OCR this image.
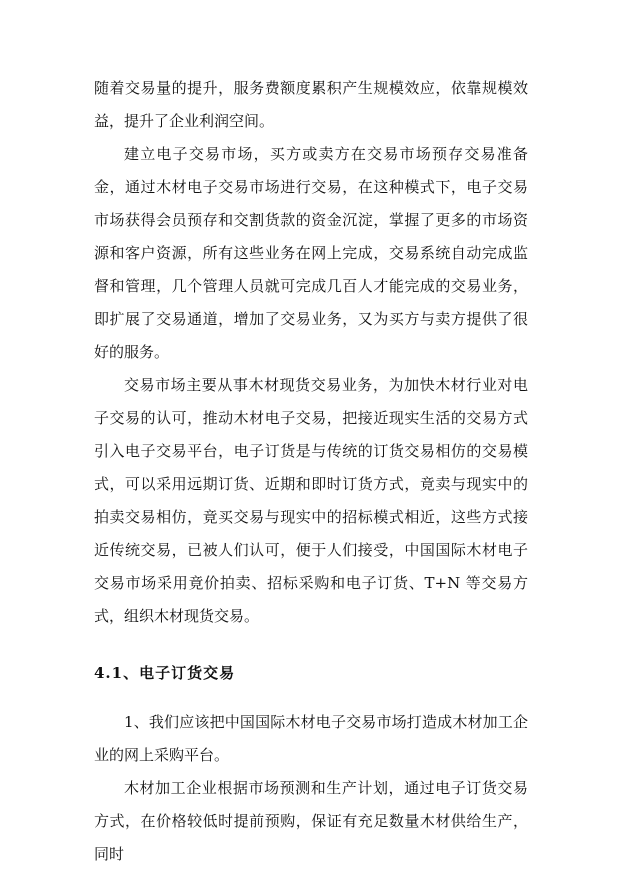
随着交易量的提升，服务费额度累积产生规模效应，依靠规模效益，提升了企业利润空间。

建立电子交易市场，买方或卖方在交易市场预存交易准备金，通过木材电子交易市场进行交易，在这种模式下，电子交易市场获得会员预存和交割货款的资金沉淀，掌握了更多的市场资源和客户资源，所有这些业务在网上完成，交易系统自动完成监督和管理，几个管理人员就可完成几百人才能完成的交易业务，即扩展了交易通道，增加了交易业务，又为买方与卖方提供了很好的服务。

交易市场主要从事木材现货交易业务，为加快木材行业对电子交易的认可，推动木材电子交易，把接近现实生活的交易方式引入电子交易平台，电子订货是与传统的订货交易相仿的交易模式，可以采用远期订货、近期和即时订货方式，竟卖与现实中的拍卖交易相仿，竟买交易与现实中的招标模式相近，这些方式接近传统交易，已被人们认可，便于人们接受，中国国际木材电子交易市场采用竟价拍卖、招标采购和电子订货、T+N 等交易方式，组织木材现货交易。

4.1、电子订货交易

1、我们应该把中国国际木材电子交易市场打造成木材加工企业的网上采购平台。

木材加工企业根据市场预测和生产计划，通过电子订货交易方式，在价格较低时提前预购，保证有充足数量木材供给生产，同时
